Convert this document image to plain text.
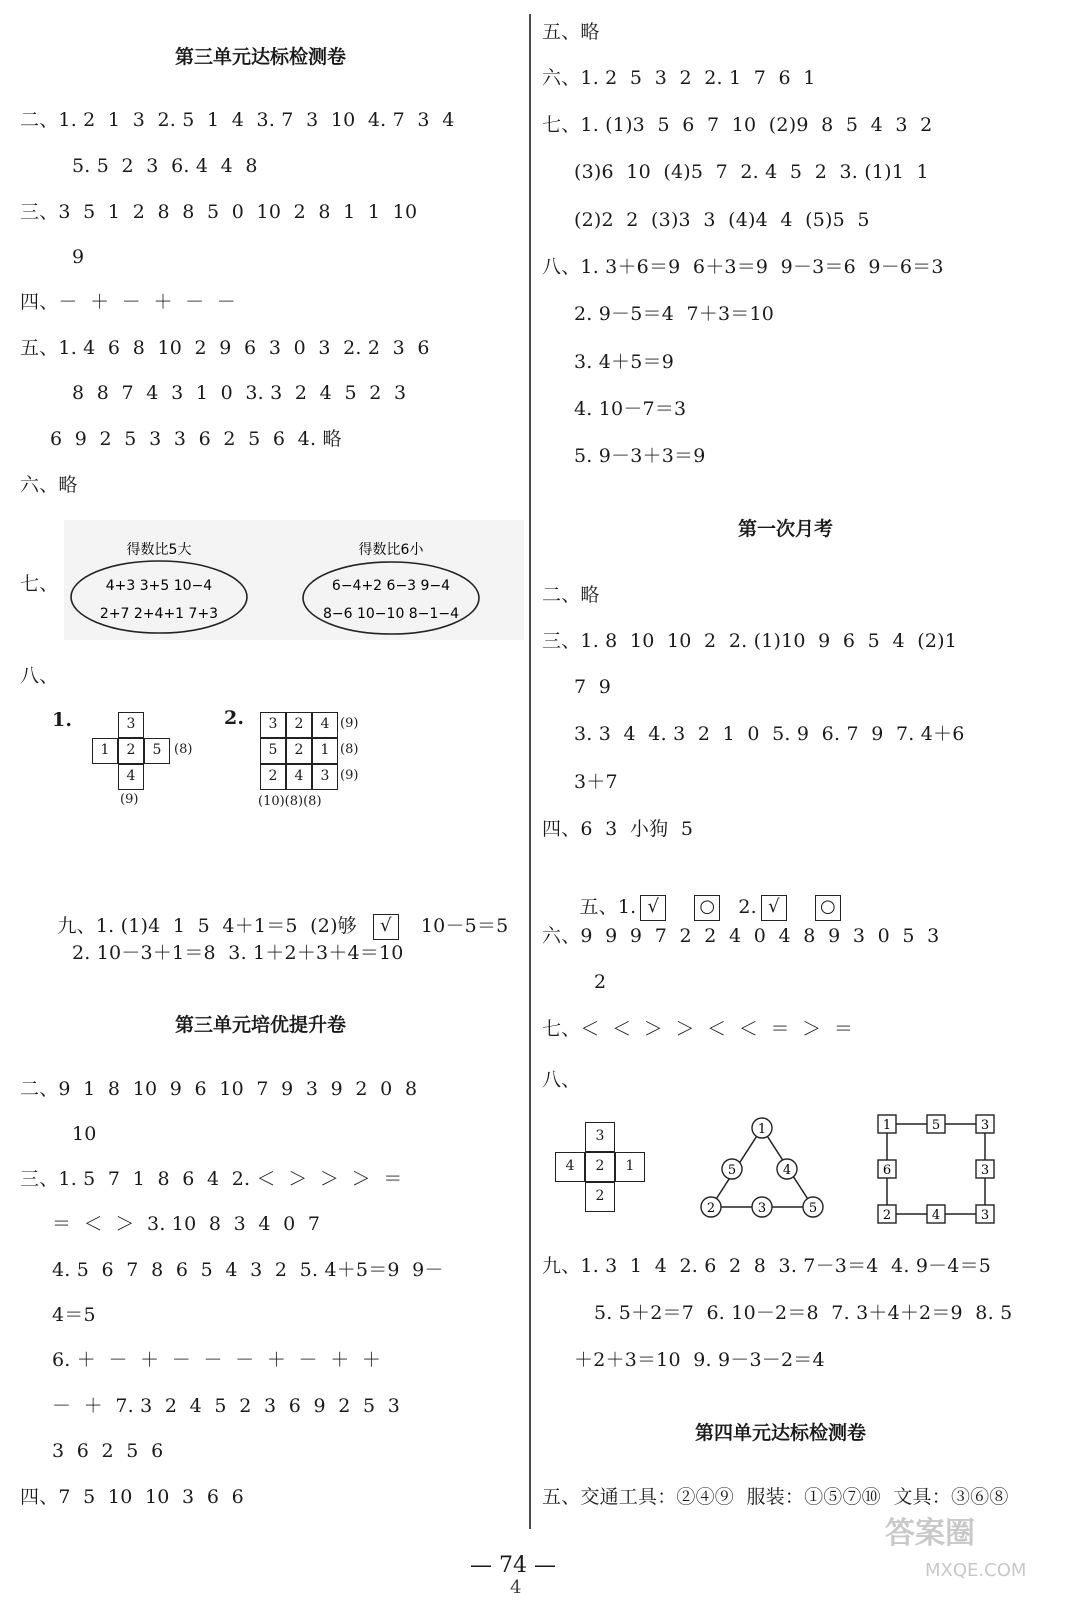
第三单元达标检测卷
二、1. 2  1  3  2. 5  1  4  3. 7  3  10  4. 7  3  4
5. 5  2  3  6. 4  4  8
三、3  5  1  2  8  8  5  0  10  2  8  1  1  10
9
四、－  ＋  －  ＋  －  －
五、1. 4  6  8  10  2  9  6  3  0  3  2. 2  3  6
8  8  7  4  3  1  0  3. 3  2  4  5  2  3
6  9  2  5  3  3  6  2  5  6  4. 略
六、略
七、
得数比5大
4+3 3+5 10−4
2+7 2+4+1 7+3
得数比6小
6−4+2 6−3 9−4
8−6 10−10 8−1−4
八、
1.	3
1	2	5
4
(8)
(9)
2.	3	2	4
5	2	1
2	4	3
(9)
(8)
(9)
(10)(8)(8)

九、1. (1)4  1  5  4＋1＝5  (2)够 √ 10－5＝5

2. 10－3＋1＝8  3. 1＋2＋3＋4＝10
第三单元培优提升卷
二、9  1  8  10  9  6  10  7  9  3  9  2  0  8
10
三、1. 5  7  1  8  6  4  2. ＜  ＞  ＞  ＞  ＝
＝  ＜  ＞  3. 10  8  3  4  0  7
4. 5  6  7  8  6  5  4  3  2  5. 4＋5＝9  9－
4＝5
6. ＋  －  ＋  －  －  －  ＋  －  ＋  ＋
－  ＋  7. 3  2  4  5  2  3  6  9  2  5  3
3  6  2  5  6
四、7  5  10  10  3  6  6
五、略
六、1. 2  5  3  2  2. 1  7  6  1
七、1. (1)3  5  6  7  10  (2)9  8  5  4  3  2
(3)6  10  (4)5  7  2. 4  5  2  3. (1)1  1
(2)2  2  (3)3  3  (4)4  4  (5)5  5
八、1. 3＋6＝9  6＋3＝9  9－3＝6  9－6＝3
2. 9－5＝4  7＋3＝10
3. 4＋5＝9
4. 10－7＝3
5. 9－3＋3＝9
第一次月考
二、略
三、1. 8  10  10  2  2. (1)10  9  6  5  4  (2)1
7  9
3. 3  4  4. 3  2  1  0  5. 9  6. 7  9  7. 4＋6
3＋7
四、6  3  小狗  5

五、1. √ ○ 2. √ ○

六、9  9  9  7  2  2  4  0  4  8  9  3  0  5  3
2
七、＜  ＜  ＞  ＞  ＜  ＜  ＝  ＞  ＝
八、
3
4	2	1
2
1
5	4
2	3	5
1	5	3
6	3
2	4	3
九、1. 3  1  4  2. 6  2  8  3. 7－3＝4  4. 9－4＝5
5. 5＋2＝7  6. 10－2＝8  7. 3＋4＋2＝9  8. 5
＋2＋3＝10  9. 9－3－2＝4
第四单元达标检测卷
五、交通工具：②④⑨  服装：①⑤⑦⑩  文具：③⑥⑧
— 74 —
4
答案圈
MXQE.COM
